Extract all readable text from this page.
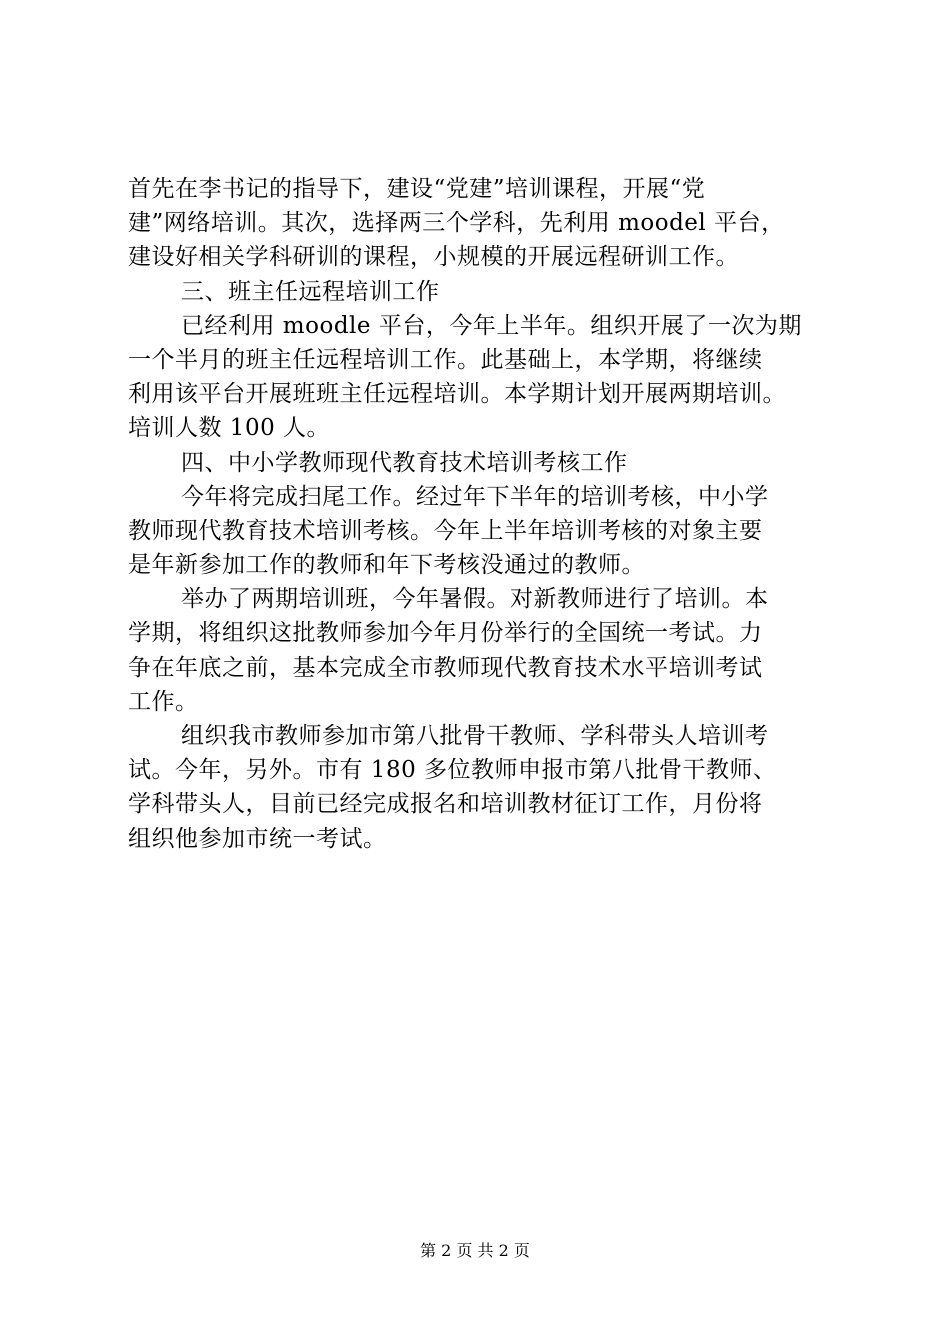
首先在李书记的指导下，建设“党建”培训课程，开展“党
建”网络培训。其次，选择两三个学科，先利用 moodel 平台，
建设好相关学科研训的课程，小规模的开展远程研训工作。
三、班主任远程培训工作
已经利用 moodle 平台，今年上半年。组织开展了一次为期
一个半月的班主任远程培训工作。此基础上，本学期，将继续
利用该平台开展班班主任远程培训。本学期计划开展两期培训。
培训人数 100 人。
四、中小学教师现代教育技术培训考核工作
今年将完成扫尾工作。经过年下半年的培训考核，中小学
教师现代教育技术培训考核。今年上半年培训考核的对象主要
是年新参加工作的教师和年下考核没通过的教师。
举办了两期培训班，今年暑假。对新教师进行了培训。本
学期，将组织这批教师参加今年月份举行的全国统一考试。力
争在年底之前，基本完成全市教师现代教育技术水平培训考试
工作。
组织我市教师参加市第八批骨干教师、学科带头人培训考
试。今年，另外。市有 180 多位教师申报市第八批骨干教师、
学科带头人，目前已经完成报名和培训教材征订工作，月份将
组织他参加市统一考试。
第 2 页 共 2 页
